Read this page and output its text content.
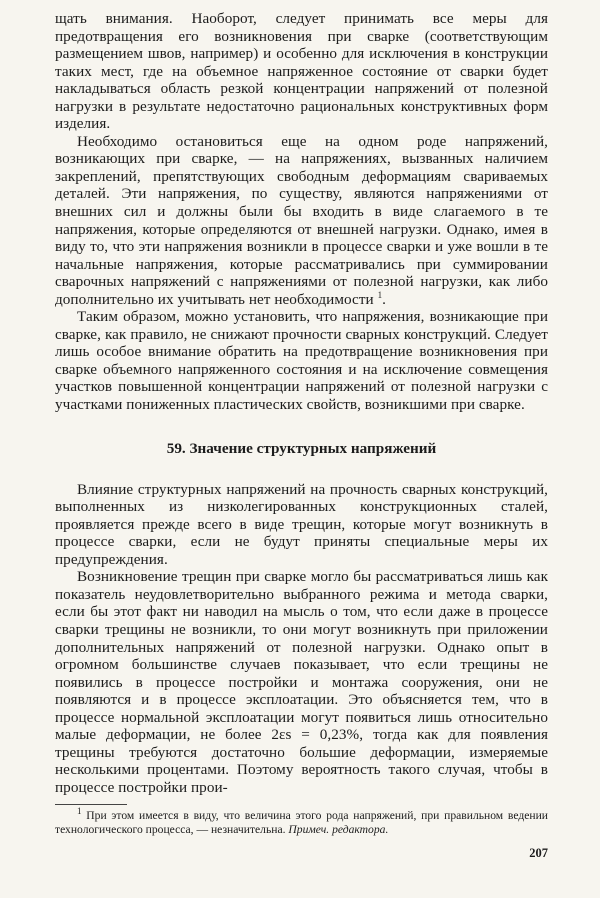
щать внимания. Наоборот, следует принимать все меры для предотвращения его возникновения при сварке (соответствующим размещением швов, например) и особенно для исключения в конструкции таких мест, где на объемное напряженное состояние от сварки будет накладываться область резкой концентрации напряжений от полезной нагрузки в результате недостаточно рациональных конструктивных форм изделия.

Необходимо остановиться еще на одном роде напряжений, возникающих при сварке, — на напряжениях, вызванных наличием закреплений, препятствующих свободным деформациям свариваемых деталей. Эти напряжения, по существу, являются напряжениями от внешних сил и должны были бы входить в виде слагаемого в те напряжения, которые определяются от внешней нагрузки. Однако, имея в виду то, что эти напряжения возникли в процессе сварки и уже вошли в те начальные напряжения, которые рассматривались при суммировании сварочных напряжений с напряжениями от полезной нагрузки, как либо дополнительно их учитывать нет необходимости $^1$.

Таким образом, можно установить, что напряжения, возникающие при сварке, как правило, не снижают прочности сварных конструкций. Следует лишь особое внимание обратить на предотвращение возникновения при сварке объемного напряженного состояния и на исключение совмещения участков повышенной концентрации напряжений от полезной нагрузки с участками пониженных пластических свойств, возникшими при сварке.

59. Значение структурных напряжений

Влияние структурных напряжений на прочность сварных конструкций, выполненных из низколегированных конструкционных сталей, проявляется прежде всего в виде трещин, которые могут возникнуть в процессе сварки, если не будут приняты специальные меры их предупреждения.

Возникновение трещин при сварке могло бы рассматриваться лишь как показатель неудовлетворительно выбранного режима и метода сварки, если бы этот факт ни наводил на мысль о том, что если даже в процессе сварки трещины не возникли, то они могут возникнуть при приложении дополнительных напряжений от полезной нагрузки. Однако опыт в огромном большинстве случаев показывает, что если трещины не появились в процессе постройки и монтажа сооружения, они не появляются и в процессе эксплоатации. Это объясняется тем, что в процессе нормальной эксплоатации могут появиться лишь относительно малые деформации, не более 2εs = 0,23%, тогда как для появления трещины требуются достаточно большие деформации, измеряемые несколькими процентами. Поэтому вероятность такого случая, чтобы в процессе постройки прои-

$^1$ При этом имеется в виду, что величина этого рода напряжений, при правильном ведении технологического процесса, — незначительна. Примеч. редактора.

207
